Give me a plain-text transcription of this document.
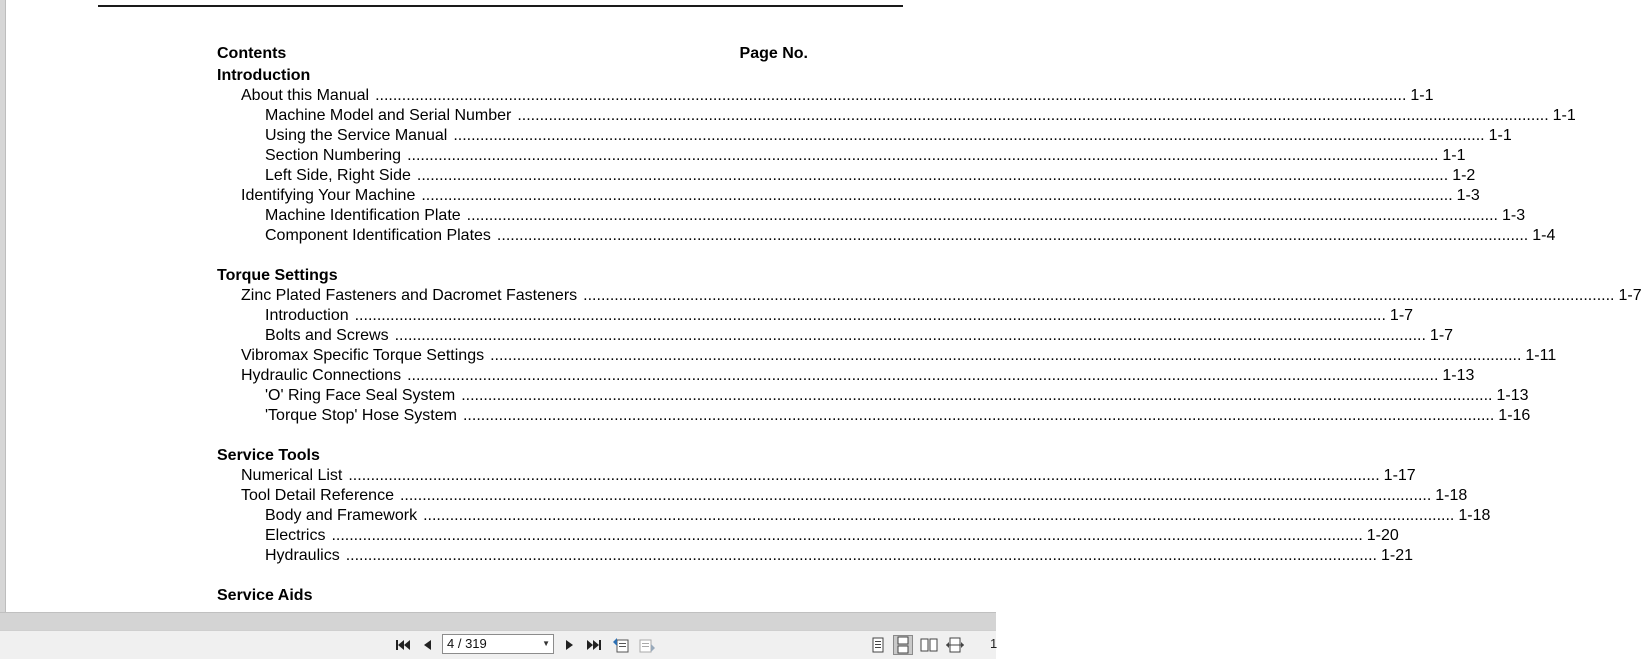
Contents	Page No.
Introduction
About this Manual .....	1-1
Machine Model and Serial Number .....	1-1
Using the Service Manual .....	1-1
Section Numbering .....	1-1
Left Side, Right Side .....	1-2
Identifying Your Machine .....	1-3
Machine Identification Plate .....	1-3
Component Identification Plates .....	1-4
Torque Settings
Zinc Plated Fasteners and Dacromet Fasteners .....	1-7
Introduction .....	1-7
Bolts and Screws .....	1-7
Vibromax Specific Torque Settings .....	1-11
Hydraulic Connections .....	1-13
'O' Ring Face Seal System .....	1-13
'Torque Stop' Hose System .....	1-16
Service Tools
Numerical List .....	1-17
Tool Detail Reference .....	1-18
Body and Framework .....	1-18
Electrics .....	1-20
Hydraulics .....	1-21
Service Aids
4 / 319	▼	1
